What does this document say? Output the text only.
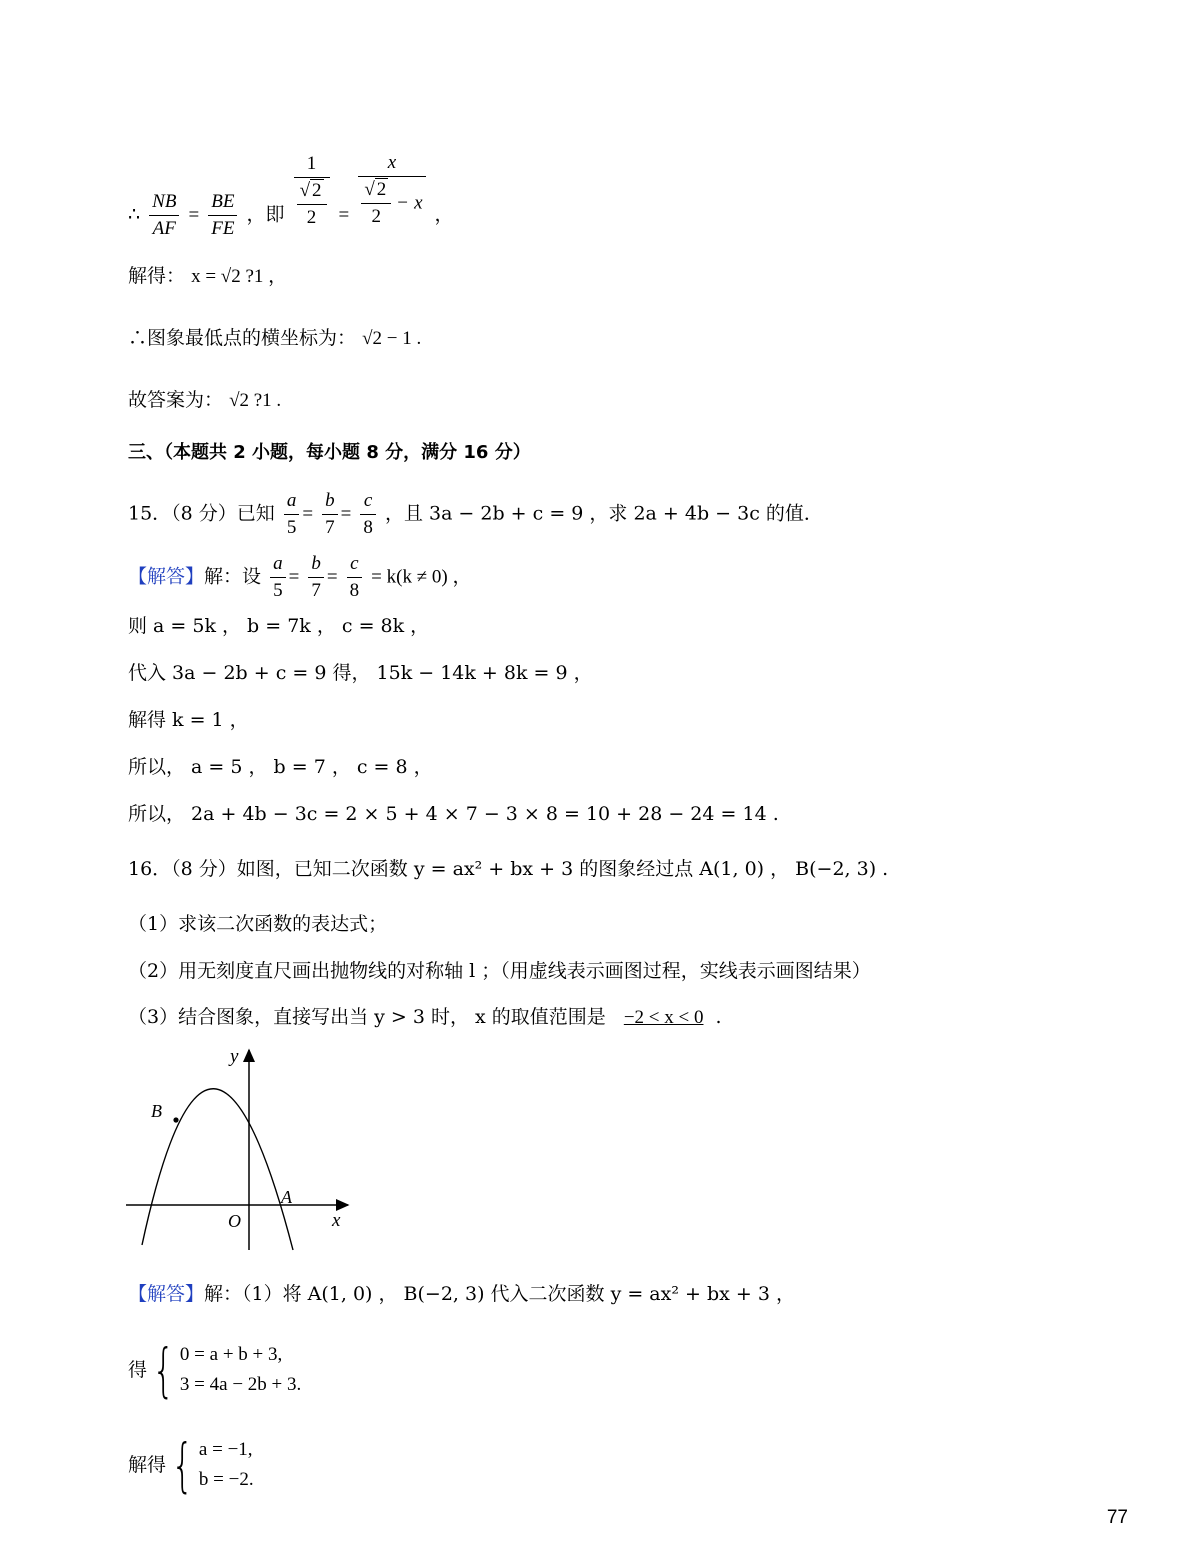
∴ $\frac{NB}{AF} = \frac{BE}{FE}$ ，即 $\frac{1}{\frac{√ 2}{2}} = \frac{x}{\frac{√ 2}{2} - x}$ ，
解得： x = √2 ?1 ，
∴图象最低点的横坐标为： √2 − 1 .
故答案为： √2 ?1 .
三、（本题共 2 小题，每小题 8 分，满分 16 分）
15．（8 分）已知 $\frac{a}{5} = \frac{b}{7} = \frac{c}{8}$ ，且 3a − 2b + c = 9 ，求 2a + 4b − 3c 的值．
【解答】解：设 $\frac{a}{5} = \frac{b}{7} = \frac{c}{8} = k(k \ne 0)$ ，
则 a = 5k ， b = 7k ， c = 8k ，
代入 3a − 2b + c = 9 得， 15k − 14k + 8k = 9 ，
解得 k = 1 ，
所以， a = 5 ， b = 7 ， c = 8 ，
所以， 2a + 4b − 3c = 2 × 5 + 4 × 7 − 3 × 8 = 10 + 28 − 24 = 14 .
16．（8 分）如图，已知二次函数 y = ax² + bx + 3 的图象经过点 A(1, 0) ， B(−2, 3) .
（1）求该二次函数的表达式；
（2）用无刻度直尺画出抛物线的对称轴 l ；（用虚线表示画图过程，实线表示画图结果）
（3）结合图象，直接写出当 y > 3 时， x 的取值范围是 −2 < x < 0 .
y
x
O
A
B
【解答】解：（1）将 A(1, 0) ， B(−2, 3) 代入二次函数 y = ax² + bx + 3 ，
得 { 0 = a + b + 3,
3 = 4a − 2b + 3.
解得 { a = −1,
b = −2.
77
